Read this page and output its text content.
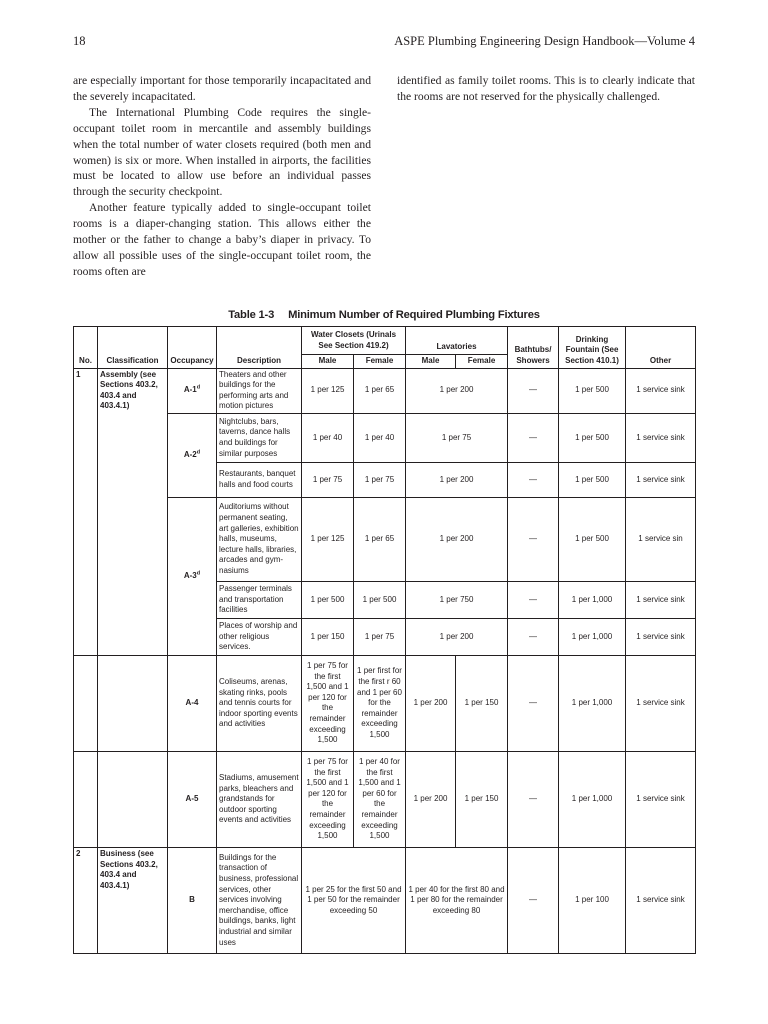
18	ASPE Plumbing Engineering Design Handbook—Volume 4

are especially important for those temporarily incapacitated and the severely incapacitated.

The International Plumbing Code requires the single-occupant toilet room in mercantile and assembly buildings when the total number of water closets required (both men and women) is six or more. When installed in airports, the facilities must be located to allow use before an individual passes through the security checkpoint.

Another feature typically added to single-occupant toilet rooms is a diaper-changing station. This allows either the mother or the father to change a baby’s diaper in privacy. To allow all possible uses of the single-occupant toilet room, the rooms often are

identified as family toilet rooms. This is to clearly indicate that the rooms are not reserved for the physically challenged.

Table 1-3 Minimum Number of Required Plumbing Fixtures
No.	Classification	Occupancy	Description	Water Closets (Urinals See Section 419.2)		Lavatories		Bathtubs/ Showers	Drinking Fountain (See Section 410.1)	Other
				Male	Female	Male	Female			
1	Assembly (see Sections 403.2, 403.4 and 403.4.1)	A-1$^d$	Theaters and other buildings for the performing arts and motion pictures	1 per 125	1 per 65	1 per 200		—	1 per 500	1 service sink
		A-2$^d$	Nightclubs, bars, taverns, dance halls and buildings for similar purposes	1 per 40	1 per 40	1 per 75		—	1 per 500	1 service sink
			Restaurants, banquet halls and food courts	1 per 75	1 per 75	1 per 200		—	1 per 500	1 service sink
		A-3$^d$	Auditoriums without permanent seating, art galleries, exhibition halls, museums, lecture halls, libraries, arcades and gym- nasiums	1 per 125	1 per 65	1 per 200		—	1 per 500	1 service sin
			Passenger terminals and transportation facilities	1 per 500	1 per 500	1 per 750		—	1 per 1,000	1 service sink
			Places of worship and other religious services.	1 per 150	1 per 75	1 per 200		—	1 per 1,000	1 service sink
		A-4	Coliseums, arenas, skating rinks, pools and tennis courts for indoor sporting events and activities	1 per 75 for the first 1,500 and 1 per 120 for the remainder exceeding 1,500	1 per first for the first r 60 and 1 per 60 for the remainder exceeding 1,500	1 per 200	1 per 150	—	1 per 1,000	1 service sink
		A-5	Stadiums, amusement parks, bleachers and grandstands for outdoor sporting events and activities	1 per 75 for the first 1,500 and 1 per 120 for the remainder exceeding 1,500	1 per 40 for the first 1,500 and 1 per 60 for the remainder exceeding 1,500	1 per 200	1 per 150	—	1 per 1,000	1 service sink
2	Business (see Sections 403.2, 403.4 and 403.4.1)	B	Buildings for the transaction of business, professional services, other services involving merchandise, office buildings, banks, light industrial and similar uses	1 per 25 for the first 50 and 1 per 50 for the remainder exceeding 50		1 per 40 for the first 80 and 1 per 80 for the remainder exceeding 80		—	1 per 100	1 service sink
